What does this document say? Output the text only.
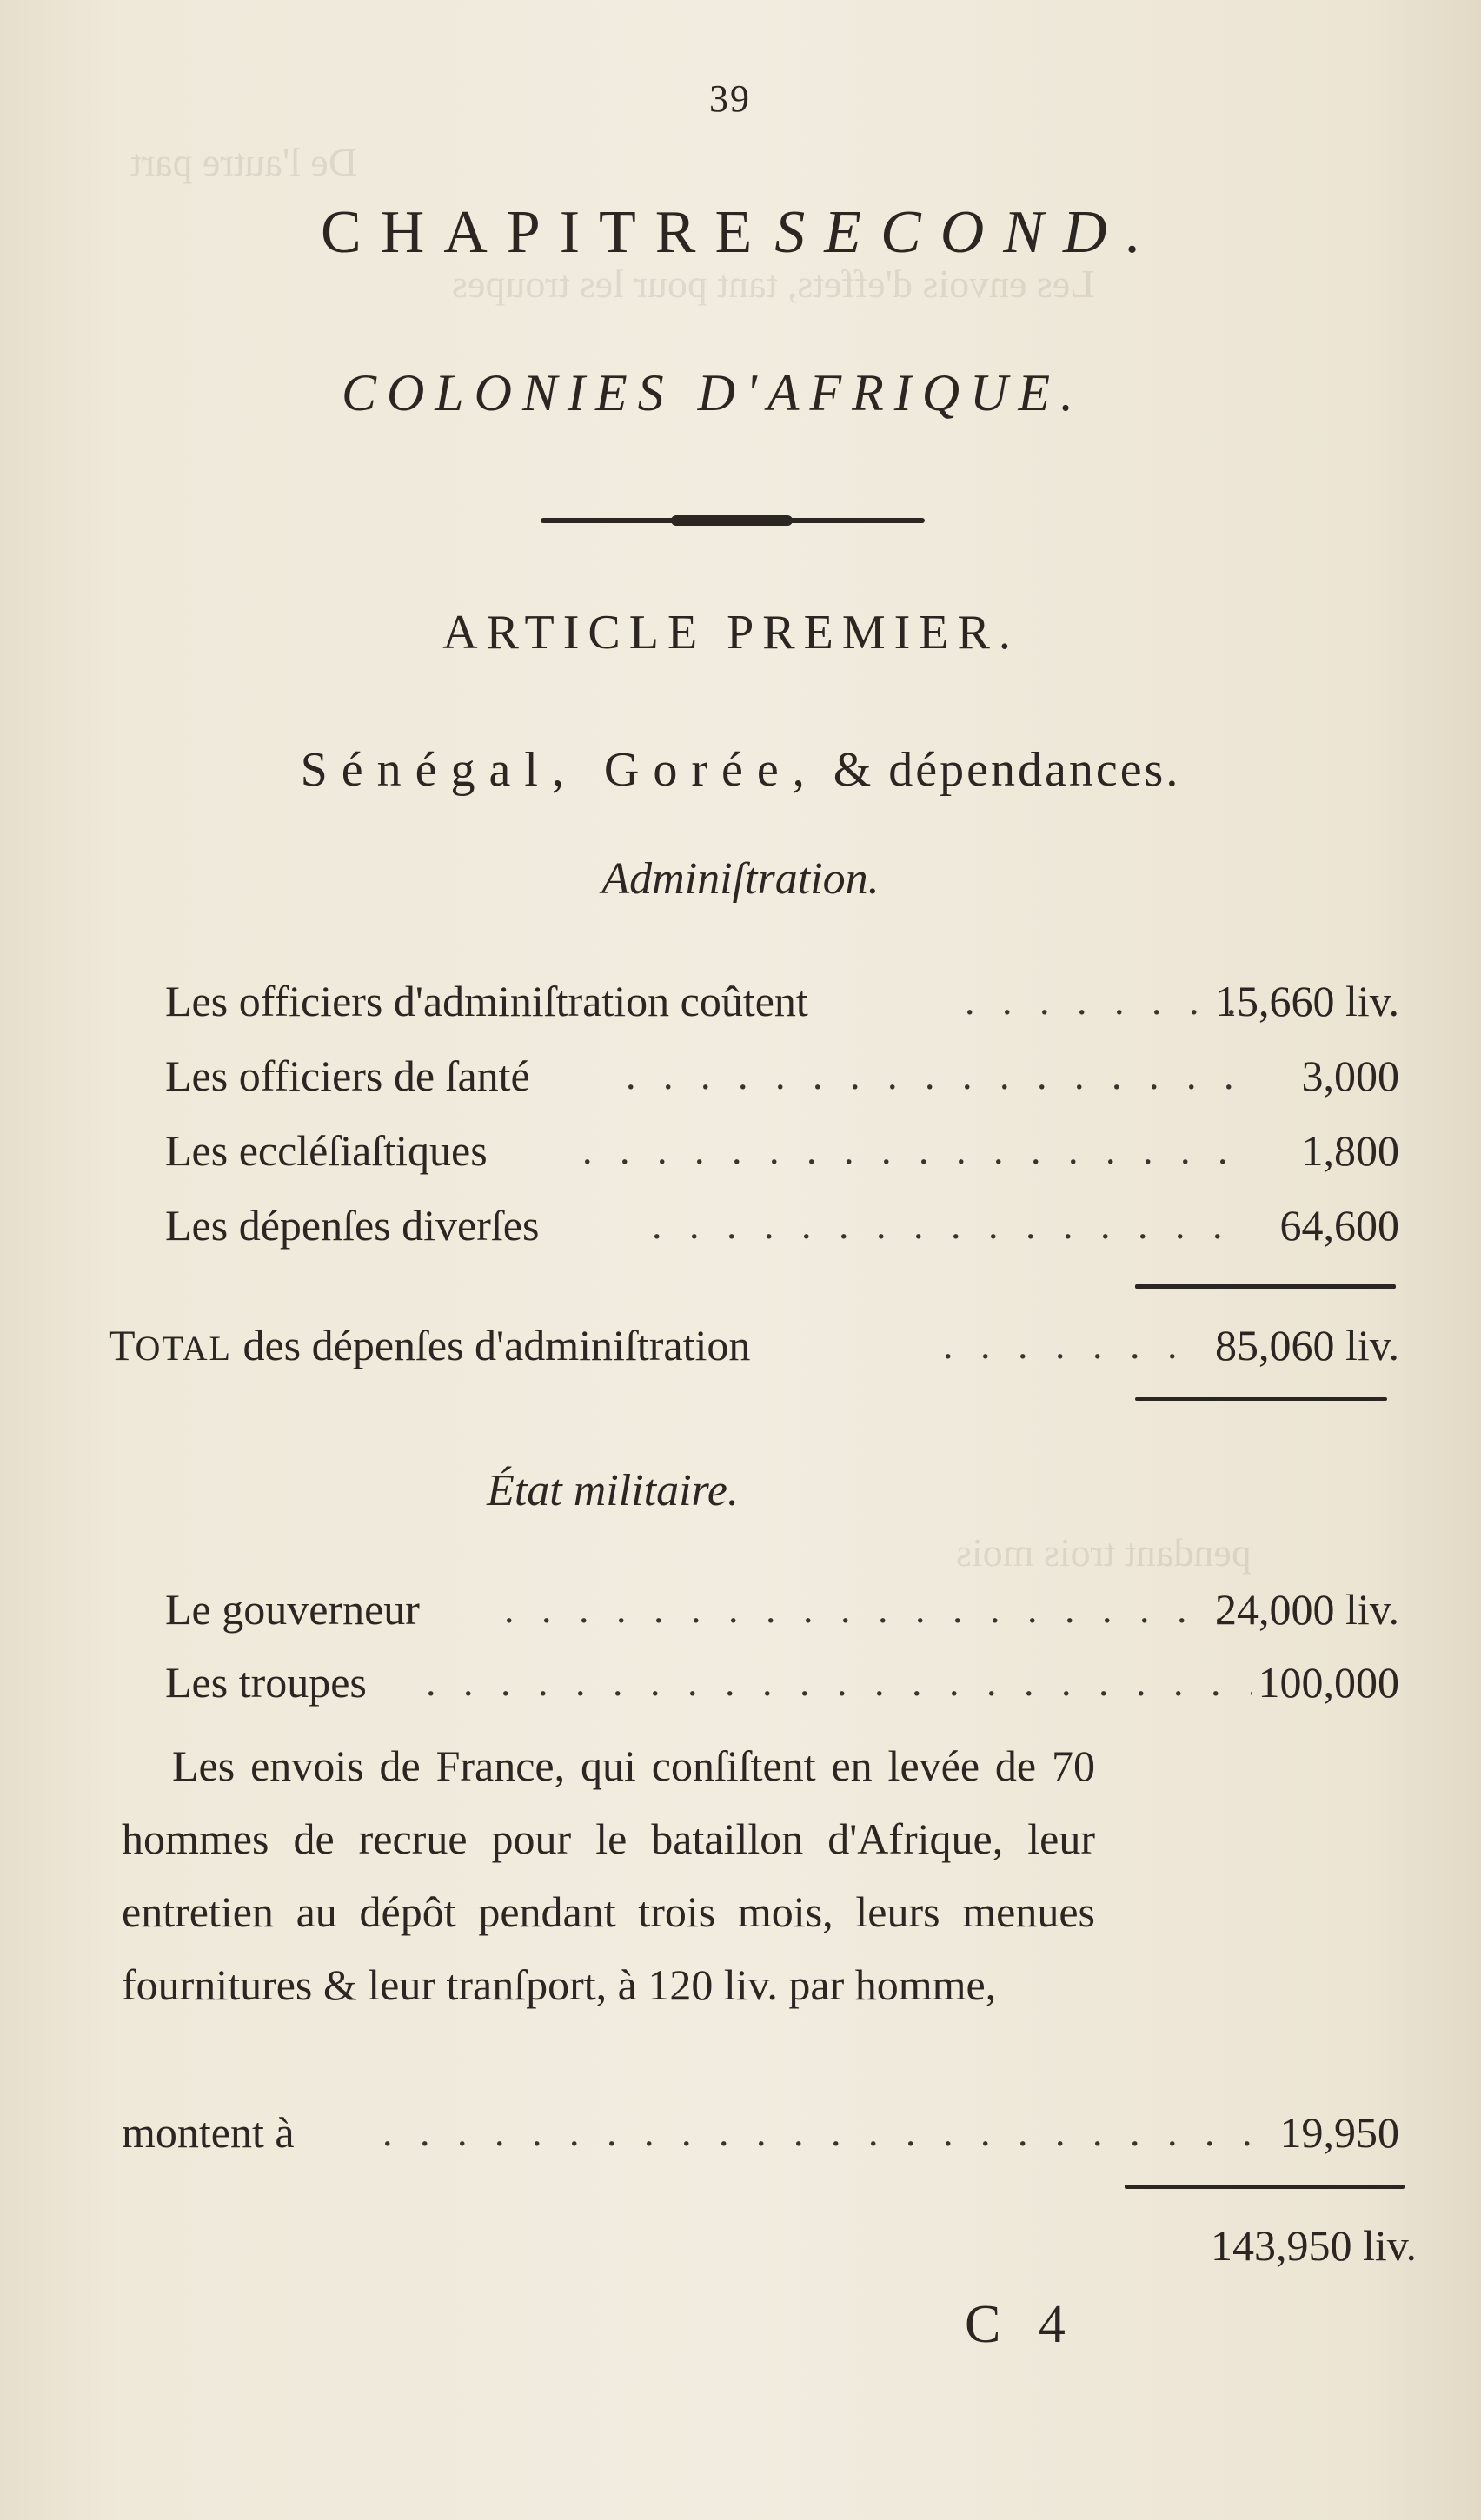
De l'autre part
Les envois d'effets, tant pour les troupes
pendant trois mois
39
CHAPITRE SECOND.
COLONIES D'AFRIQUE.
ARTICLE PREMIER.
Sénégal, Gorée, & dépendances.
Adminiſtration.
Les officiers d'adminiſtration coûtent . . .	15,660 liv.
Les officiers de ſanté . . .	3,000
Les eccléſiaſtiques . . .	1,800
Les dépenſes diverſes . . .	64,600
TOTAL des dépenſes d'adminiſtration . . .	85,060 liv.
État militaire.
Le gouverneur . . .	24,000 liv.
Les troupes . . .	100,000

Les envois de France, qui conſiſtent en levée de 70 hommes de recrue pour le bataillon d'Afrique, leur entretien au dépôt pendant trois mois, leurs menues fournitures & leur tranſport, à 120 liv. par homme,

montent à . . .	19,950
143,950 liv.
C 4
